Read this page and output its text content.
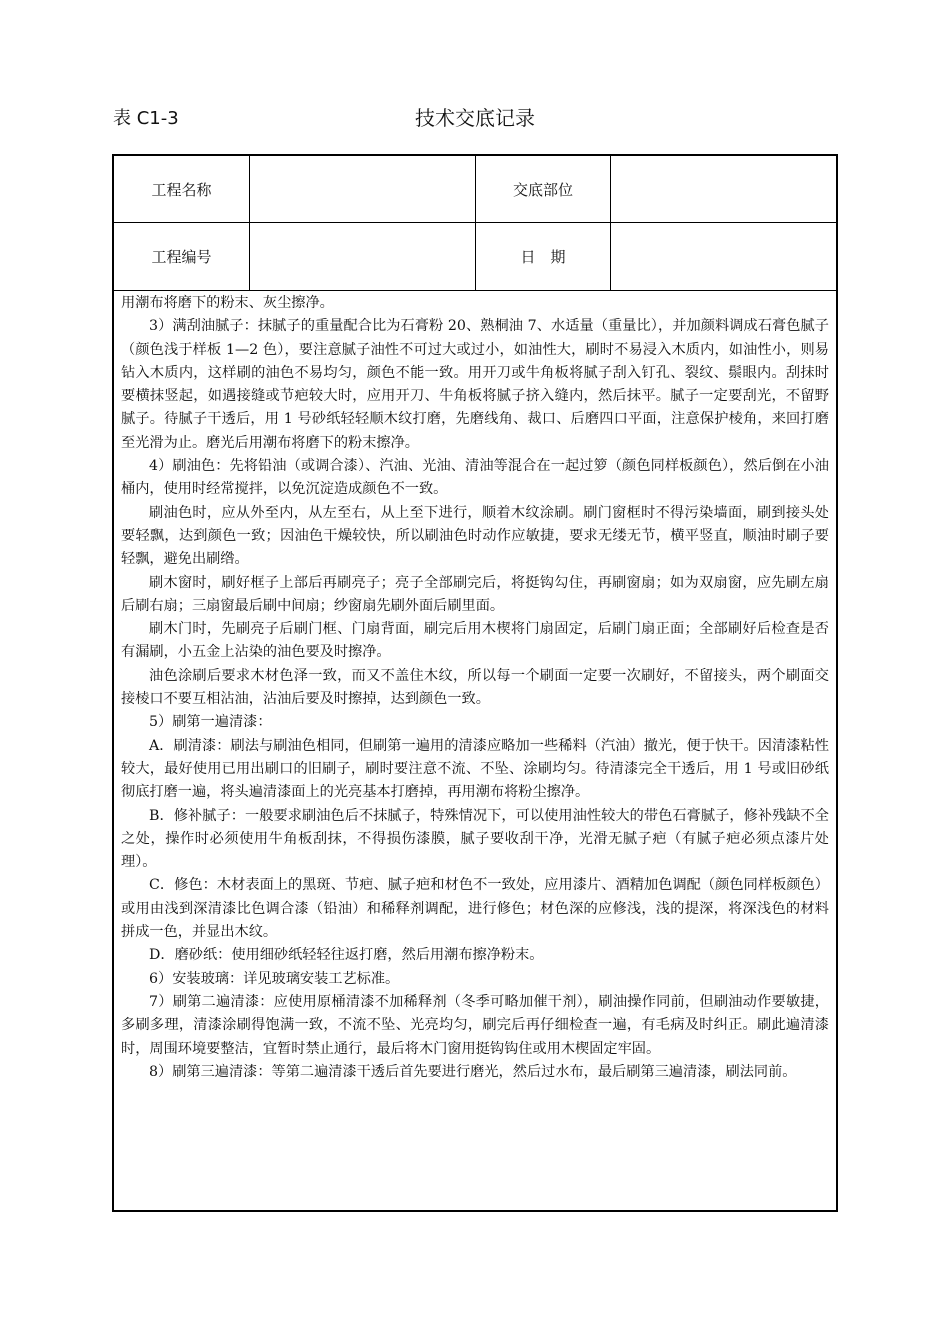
表 C1-3	技术交底记录
工程名称	交底部位
工程编号	日　期

用潮布将磨下的粉末、灰尘擦净。

3）满刮油腻子：抹腻子的重量配合比为石膏粉 20、熟桐油 7、水适量（重量比），并加颜料调成石膏色腻子（颜色浅于样板 1—2 色），要注意腻子油性不可过大或过小，如油性大，刷时不易浸入木质内，如油性小，则易钻入木质内，这样刷的油色不易均匀，颜色不能一致。用开刀或牛角板将腻子刮入钉孔、裂纹、鬃眼内。刮抹时要横抹竖起，如遇接缝或节疤较大时，应用开刀、牛角板将腻子挤入缝内，然后抹平。腻子一定要刮光，不留野腻子。待腻子干透后，用 1 号砂纸轻轻顺木纹打磨，先磨线角、裁口、后磨四口平面，注意保护棱角，来回打磨至光滑为止。磨光后用潮布将磨下的粉末擦净。

4）刷油色：先将铅油（或调合漆）、汽油、光油、清油等混合在一起过箩（颜色同样板颜色），然后倒在小油桶内，使用时经常搅拌，以免沉淀造成颜色不一致。

刷油色时，应从外至内，从左至右，从上至下进行，顺着木纹涂刷。刷门窗框时不得污染墙面，刷到接头处要轻飘，达到颜色一致；因油色干燥较快，所以刷油色时动作应敏捷，要求无缕无节，横平竖直，顺油时刷子要轻飘，避免出刷绺。

刷木窗时，刷好框子上部后再刷亮子；亮子全部刷完后，将挺钩勾住，再刷窗扇；如为双扇窗，应先刷左扇后刷右扇；三扇窗最后刷中间扇；纱窗扇先刷外面后刷里面。

刷木门时，先刷亮子后刷门框、门扇背面，刷完后用木楔将门扇固定，后刷门扇正面；全部刷好后检查是否有漏刷，小五金上沾染的油色要及时擦净。

油色涂刷后要求木材色泽一致，而又不盖住木纹，所以每一个刷面一定要一次刷好，不留接头，两个刷面交接棱口不要互相沾油，沾油后要及时擦掉，达到颜色一致。

5）刷第一遍清漆：

A．刷清漆：刷法与刷油色相同，但刷第一遍用的清漆应略加一些稀料（汽油）撤光，便于快干。因清漆粘性较大，最好使用已用出刷口的旧刷子，刷时要注意不流、不坠、涂刷均匀。待清漆完全干透后，用 1 号或旧砂纸彻底打磨一遍，将头遍清漆面上的光亮基本打磨掉，再用潮布将粉尘擦净。

B．修补腻子：一般要求刷油色后不抹腻子，特殊情况下，可以使用油性较大的带色石膏腻子，修补残缺不全之处，操作时必须使用牛角板刮抹，不得损伤漆膜，腻子要收刮干净，光滑无腻子疤（有腻子疤必须点漆片处理）。

C．修色：木材表面上的黑斑、节疤、腻子疤和材色不一致处，应用漆片、酒精加色调配（颜色同样板颜色）或用由浅到深清漆比色调合漆（铅油）和稀释剂调配，进行修色；材色深的应修浅，浅的提深，将深浅色的材料拼成一色，并显出木纹。

D．磨砂纸：使用细砂纸轻轻往返打磨，然后用潮布擦净粉末。

6）安装玻璃：详见玻璃安装工艺标准。

7）刷第二遍清漆：应使用原桶清漆不加稀释剂（冬季可略加催干剂），刷油操作同前，但刷油动作要敏捷，多刷多理，清漆涂刷得饱满一致，不流不坠、光亮均匀，刷完后再仔细检查一遍，有毛病及时纠正。刷此遍清漆时，周围环境要整洁，宜暂时禁止通行，最后将木门窗用挺钩钩住或用木楔固定牢固。

8）刷第三遍清漆：等第二遍清漆干透后首先要进行磨光，然后过水布，最后刷第三遍清漆，刷法同前。
